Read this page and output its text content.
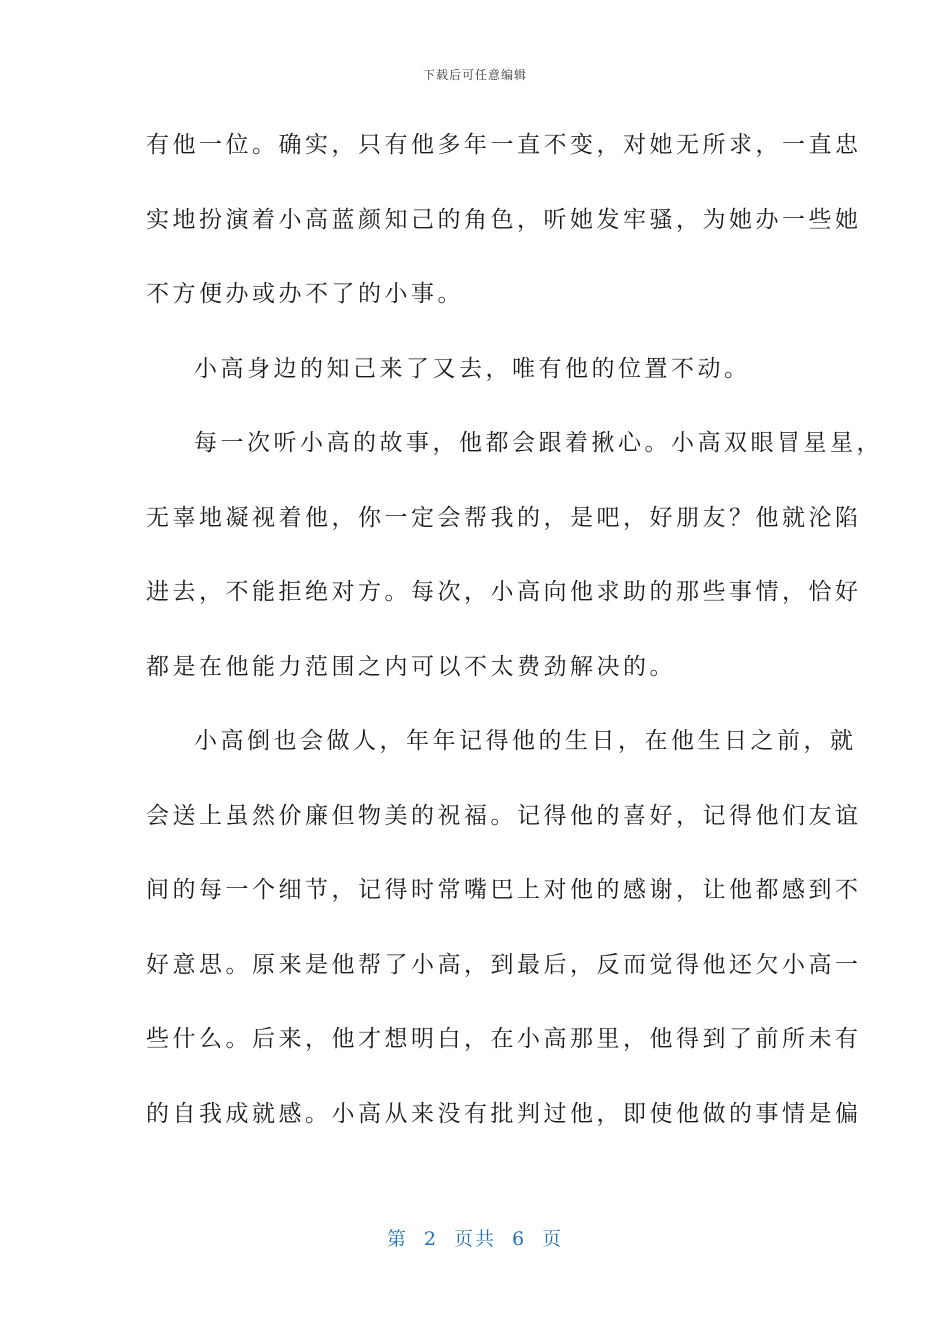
下载后可任意编辑
有他一位。确实，只有他多年一直不变，对她无所求，一直忠
实地扮演着小高蓝颜知己的角色，听她发牢骚，为她办一些她
不方便办或办不了的小事。
小高身边的知己来了又去，唯有他的位置不动。
每一次听小高的故事，他都会跟着揪心。小高双眼冒星星，
无辜地凝视着他，你一定会帮我的，是吧，好朋友？他就沦陷
进去，不能拒绝对方。每次，小高向他求助的那些事情，恰好
都是在他能力范围之内可以不太费劲解决的。
小高倒也会做人，年年记得他的生日，在他生日之前，就
会送上虽然价廉但物美的祝福。记得他的喜好，记得他们友谊
间的每一个细节，记得时常嘴巴上对他的感谢，让他都感到不
好意思。原来是他帮了小高，到最后，反而觉得他还欠小高一
些什么。后来，他才想明白，在小高那里，他得到了前所未有
的自我成就感。小高从来没有批判过他，即使他做的事情是偏
第 2 页共 6 页
